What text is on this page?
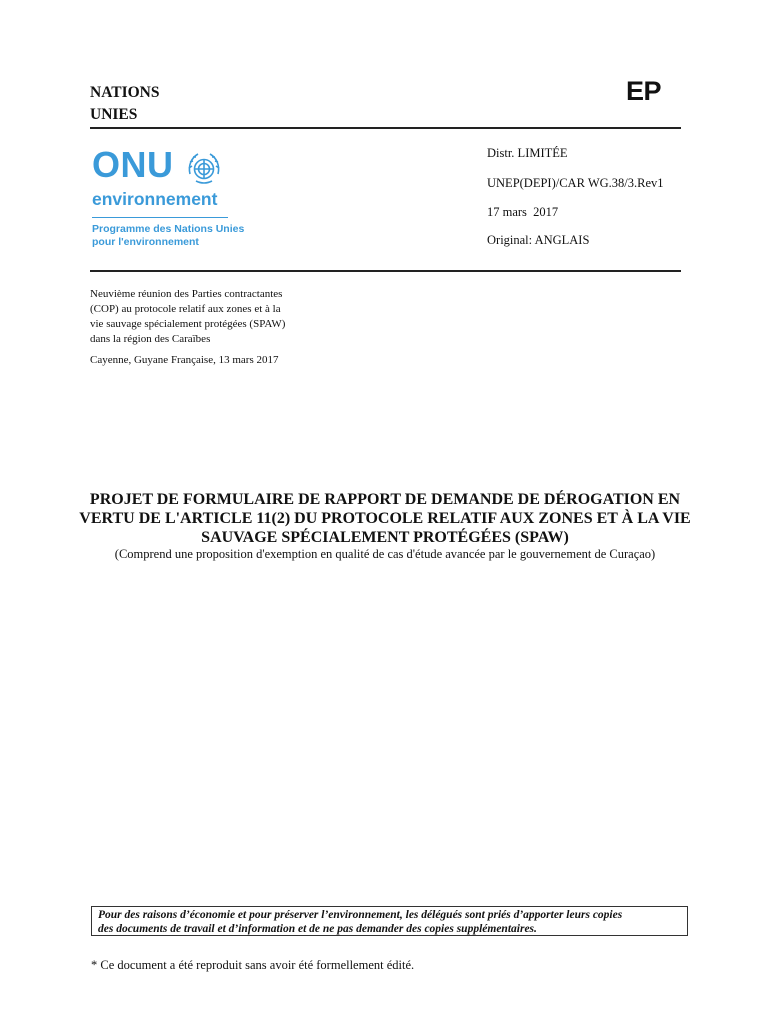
NATIONS
UNIES
EP
ONU
environnement
Programme des Nations Unies
pour l'environnement
Distr. LIMITÉE
UNEP(DEPI)/CAR WG.38/3.Rev1
17 mars  2017
Original: ANGLAIS
Neuvième réunion des Parties contractantes
(COP) au protocole relatif aux zones et à la
vie sauvage spécialement protégées (SPAW)
dans la région des Caraïbes
Cayenne, Guyane Française, 13 mars 2017
PROJET DE FORMULAIRE DE RAPPORT DE DEMANDE DE DÉROGATION EN
VERTU DE L'ARTICLE 11(2) DU PROTOCOLE RELATIF AUX ZONES ET À LA VIE
SAUVAGE SPÉCIALEMENT PROTÉGÉES (SPAW)
(Comprend une proposition d'exemption en qualité de cas d'étude avancée par le gouvernement de Curaçao)
Pour des raisons d’économie et pour préserver l’environnement, les délégués sont priés d’apporter leurs copies
des documents de travail et d’information et de ne pas demander des copies supplémentaires.
* Ce document a été reproduit sans avoir été formellement édité.
